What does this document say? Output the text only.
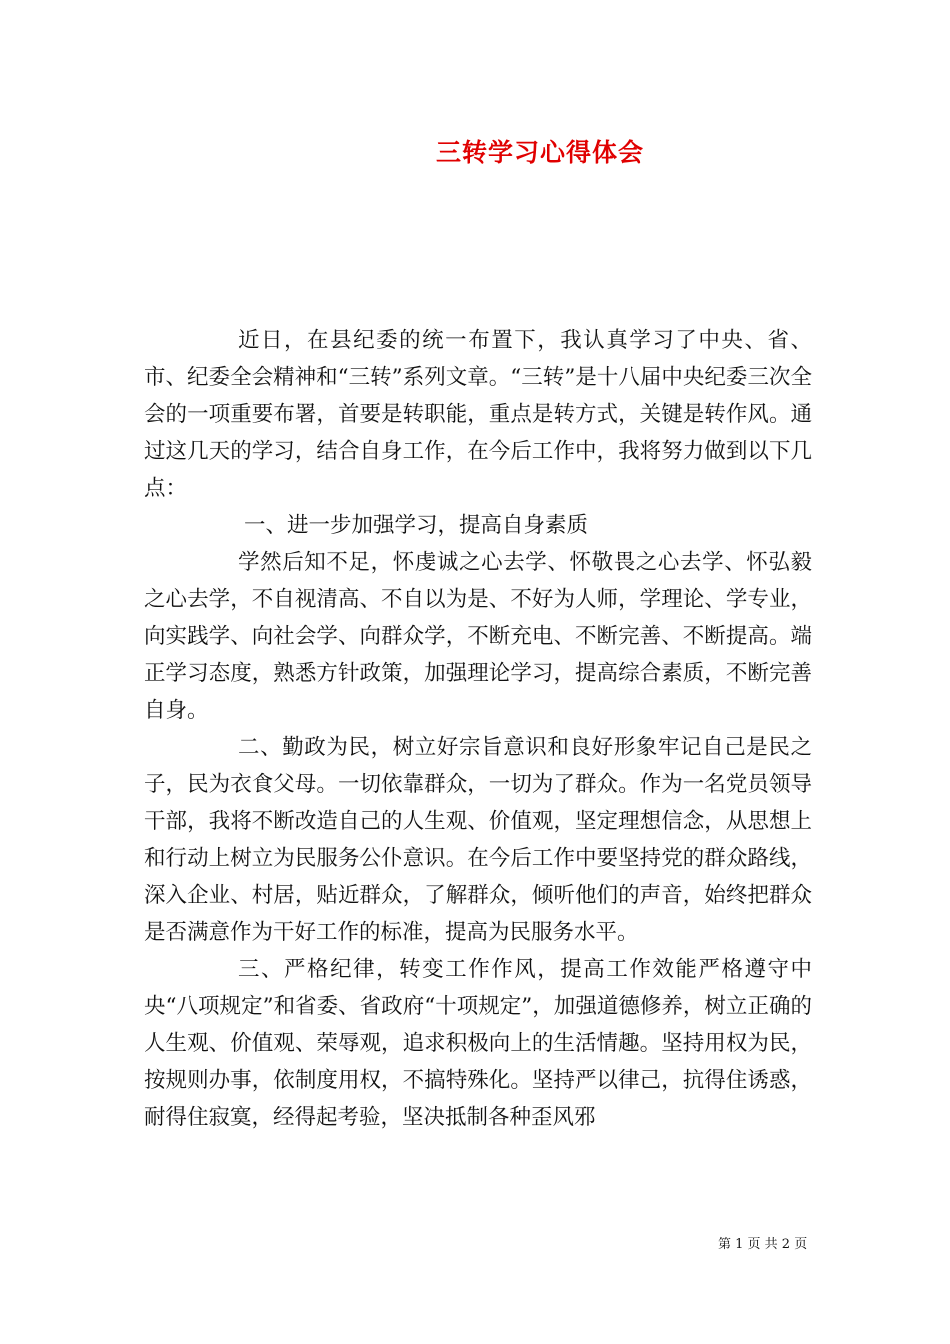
三转学习心得体会

近日，在县纪委的统一布置下，我认真学习了中央、省、市、纪委全会精神和“三转”系列文章。“三转”是十八届中央纪委三次全会的一项重要布署，首要是转职能，重点是转方式，关键是转作风。通过这几天的学习，结合自身工作，在今后工作中，我将努力做到以下几点：

一、进一步加强学习，提高自身素质

学然后知不足，怀虔诚之心去学、怀敬畏之心去学、怀弘毅之心去学，不自视清高、不自以为是、不好为人师，学理论、学专业，向实践学、向社会学、向群众学，不断充电、不断完善、不断提高。端正学习态度，熟悉方针政策，加强理论学习，提高综合素质，不断完善自身。

二、勤政为民，树立好宗旨意识和良好形象牢记自己是民之子，民为衣食父母。一切依靠群众，一切为了群众。作为一名党员领导干部，我将不断改造自己的人生观、价值观，坚定理想信念，从思想上和行动上树立为民服务公仆意识。在今后工作中要坚持党的群众路线，深入企业、村居，贴近群众，了解群众，倾听他们的声音，始终把群众是否满意作为干好工作的标准，提高为民服务水平。

三、严格纪律，转变工作作风，提高工作效能严格遵守中央“八项规定”和省委、省政府“十项规定”，加强道德修养，树立正确的人生观、价值观、荣辱观，追求积极向上的生活情趣。坚持用权为民，按规则办事，依制度用权，不搞特殊化。坚持严以律己，抗得住诱惑，耐得住寂寞，经得起考验，坚决抵制各种歪风邪

第 1 页 共 2 页
